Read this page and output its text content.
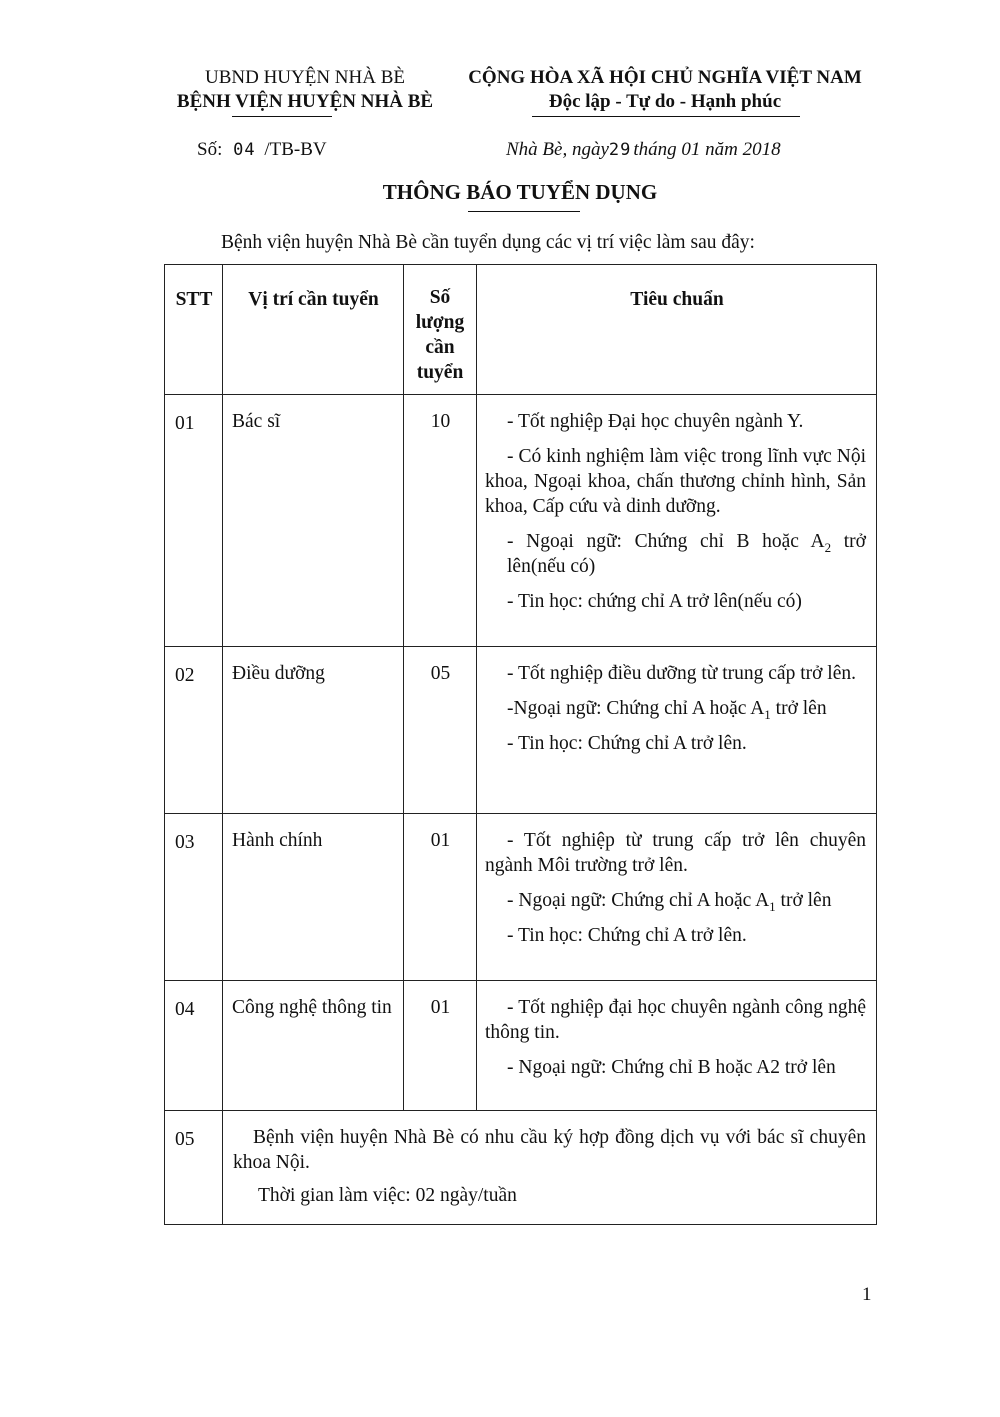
UBND HUYỆN NHÀ BÈ
BỆNH VIỆN HUYỆN NHÀ BÈ
CỘNG HÒA XÃ HỘI CHỦ NGHĨA VIỆT NAM
Độc lập - Tự do - Hạnh phúc
Số: 04 /TB-BV	Nhà Bè, ngày29 tháng 01 năm 2018
THÔNG BÁO TUYỂN DỤNG
Bệnh viện huyện Nhà Bè cần tuyển dụng các vị trí việc làm sau đây:
STT	Vị trí cần tuyển	Số
lượng
cần
tuyển	Tiêu chuẩn
01	Bác sĩ	10	- Tốt nghiệp Đại học chuyên ngành Y.
- Có kinh nghiệm làm việc trong lĩnh vực Nội khoa, Ngoại khoa, chấn thương chỉnh hình, Sản khoa, Cấp cứu và dinh dưỡng.
- Ngoại ngữ: Chứng chỉ B hoặc $A_2$ trở lên(nếu có)
- Tin học: chứng chỉ A trở lên(nếu có)

02	Điều dưỡng	05	- Tốt nghiệp điều dưỡng từ trung cấp trở lên.
-Ngoại ngữ: Chứng chỉ A hoặc $A_1$ trở lên
- Tin học: Chứng chỉ A trở lên.

03	Hành chính	01	- Tốt nghiệp từ trung cấp trở lên chuyên ngành Môi trường trở lên.
- Ngoại ngữ: Chứng chỉ A hoặc $A_1$ trở lên
- Tin học: Chứng chỉ A trở lên.

04	Công nghệ thông tin	01	- Tốt nghiệp đại học chuyên ngành công nghệ thông tin.
- Ngoại ngữ: Chứng chỉ B hoặc A2 trở lên

05	Bệnh viện huyện Nhà Bè có nhu cầu ký hợp đồng dịch vụ với bác sĩ chuyên khoa Nội.

Thời gian làm việc: 02 ngày/tuần		

1
